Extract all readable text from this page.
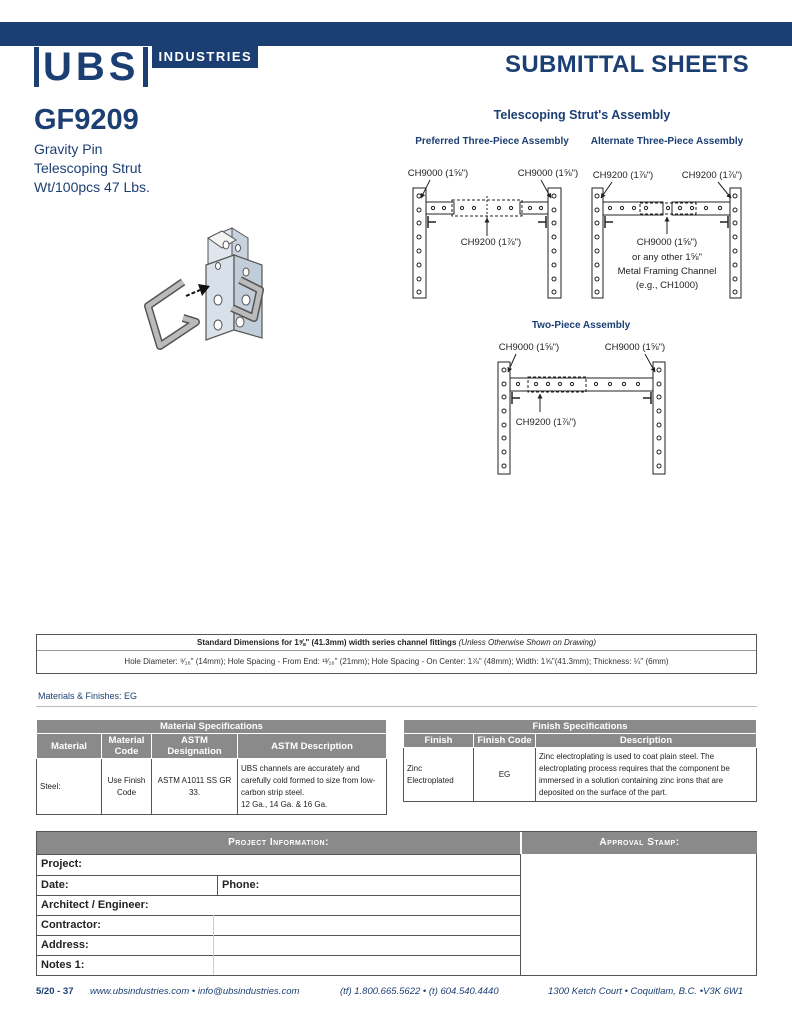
UBS	INDUSTRIES	SUBMITTAL SHEETS
GF9209
Gravity Pin
Telescoping Strut
Wt/100pcs 47 Lbs.
Telescoping Strut's Assembly
Preferred Three-Piece Assembly Alternate Three-Piece Assembly
Two-Piece Assembly
CH9000 (1⅝")	CH9000 (1⅝")
CH9200 (1⅞")
CH9200 (1⅞")	CH9200 (1⅞")
CH9000 (1⅝")
or any other 1⅝"
Metal Framing Channel
(e.g., CH1000)
CH9000 (1⅝")	CH9000 (1⅝")
CH9200 (1⅞")
Standard Dimensions for 1⅝" (41.3mm) width series channel fittings (Unless Otherwise Shown on Drawing)
Hole Diameter: ⁹⁄₁₆" (14mm); Hole Spacing - From End: ¹³⁄₁₆" (21mm); Hole Spacing - On Center: 1⅞" (48mm); Width: 1⅝"(41.3mm); Thickness: ¼" (6mm)
Materials & Finishes: EG
Material Specifications			
Material	Material Code	ASTM Designation	ASTM Description
Steel:	Use Finish Code	ASTM A1011 SS GR 33.	UBS channels are accurately and carefully cold formed to size from low-carbon strip steel.
12 Ga., 14 Ga. & 16 Ga.
Finish Specifications		
Finish	Finish Code	Description
Zinc Electroplated	EG	Zinc electroplating is used to coat plain steel. The electroplating process requires that the component be immersed in a solution containing zinc irons that are deposited on the surface of the part.
Project Information:	Approval Stamp:
Project:
Date:	Phone:
Architect / Engineer:
Contractor:
Address:
Notes 1:
5/20 - 37 www.ubsindustries.com • info@ubsindustries.com	(tf) 1.800.665.5622 • (t) 604.540.4440	1300 Ketch Court • Coquitlam, B.C. •V3K 6W1
